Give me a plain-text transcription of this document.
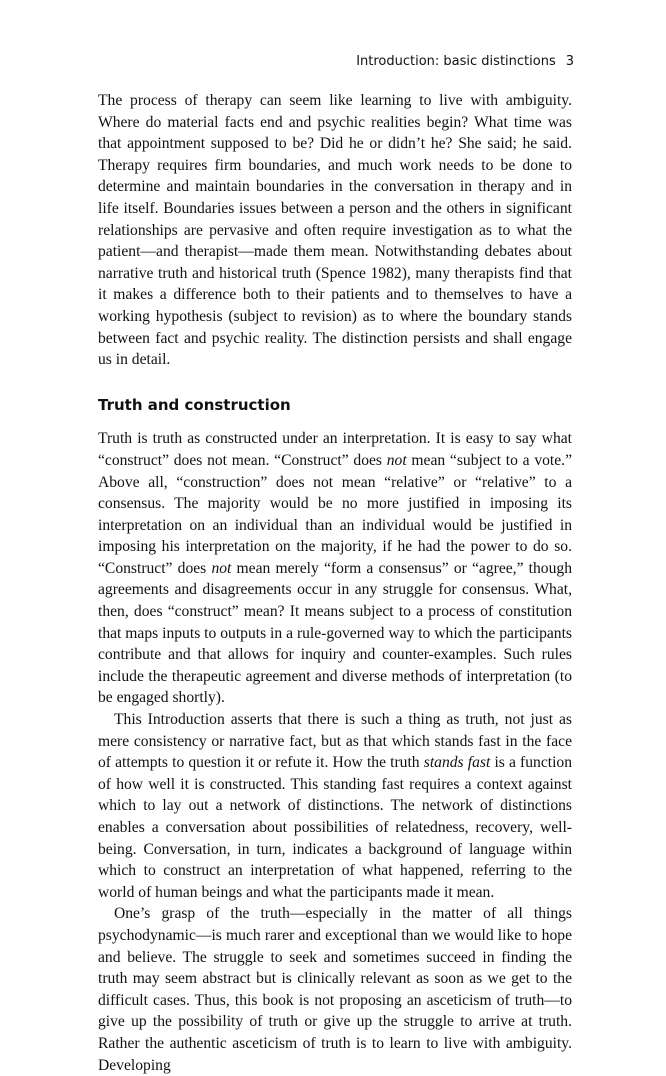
Introduction: basic distinctions 3

The process of therapy can seem like learning to live with ambiguity. Where do material facts end and psychic realities begin? What time was that appointment supposed to be? Did he or didn’t he? She said; he said. Therapy requires firm boundaries, and much work needs to be done to determine and maintain boundaries in the conversation in therapy and in life itself. Boundaries issues between a person and the others in significant relationships are pervasive and often require investigation as to what the patient—and therapist—made them mean. Notwithstanding debates about narrative truth and historical truth (Spence 1982), many therapists find that it makes a difference both to their patients and to themselves to have a working hypothesis (subject to revision) as to where the boundary stands between fact and psychic reality. The distinction persists and shall engage us in detail.

Truth and construction

Truth is truth as constructed under an interpretation. It is easy to say what “construct” does not mean. “Construct” does not mean “subject to a vote.” Above all, “construction” does not mean “relative” or “relative” to a consensus. The majority would be no more justified in imposing its interpretation on an individual than an individual would be justified in imposing his interpretation on the majority, if he had the power to do so. “Construct” does not mean merely “form a consensus” or “agree,” though agreements and disagreements occur in any struggle for consensus. What, then, does “construct” mean? It means subject to a process of constitution that maps inputs to outputs in a rule-governed way to which the participants contribute and that allows for inquiry and counter-examples. Such rules include the therapeutic agreement and diverse methods of interpretation (to be engaged shortly).

This Introduction asserts that there is such a thing as truth, not just as mere consistency or narrative fact, but as that which stands fast in the face of attempts to question it or refute it. How the truth stands fast is a function of how well it is constructed. This standing fast requires a context against which to lay out a network of distinctions. The network of distinctions enables a conversation about possibilities of relatedness, recovery, well-being. Conversation, in turn, indicates a background of language within which to construct an interpretation of what happened, referring to the world of human beings and what the participants made it mean.

One’s grasp of the truth—especially in the matter of all things psychodynamic—is much rarer and exceptional than we would like to hope and believe. The struggle to seek and sometimes succeed in finding the truth may seem abstract but is clinically relevant as soon as we get to the difficult cases. Thus, this book is not proposing an asceticism of truth—to give up the possibility of truth or give up the struggle to arrive at truth. Rather the authentic asceticism of truth is to learn to live with ambiguity. Developing
